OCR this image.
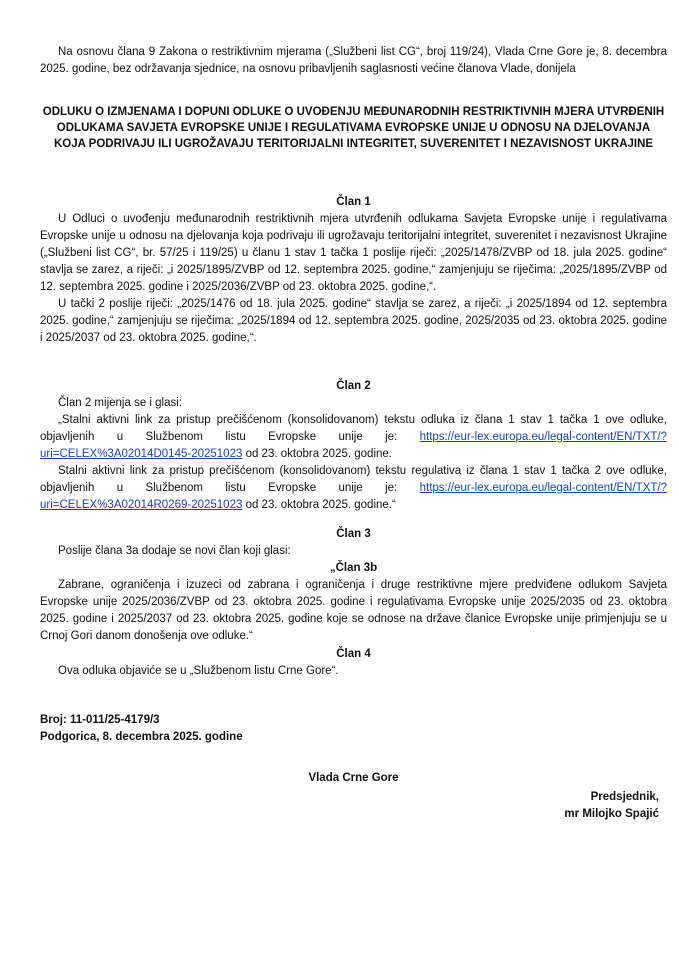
Na osnovu člana 9 Zakona o restriktivnim mjerama („Službeni list CG“, broj 119/24), Vlada Crne Gore je, 8. decembra 2025. godine, bez održavanja sjednice, na osnovu pribavljenih saglasnosti većine članova Vlade, donijela

ODLUKU O IZMJENAMA I DOPUNI ODLUKE O UVOĐENJU MEĐUNARODNIH RESTRIKTIVNIH MJERA UTVRĐENIH ODLUKAMA SAVJETA EVROPSKE UNIJE I REGULATIVAMA EVROPSKE UNIJE U ODNOSU NA DJELOVANJA KOJA PODRIVAJU ILI UGROŽAVAJU TERITORIJALNI INTEGRITET, SUVERENITET I NEZAVISNOST UKRAJINE

Član 1

U Odluci o uvođenju međunarodnih restriktivnih mjera utvrđenih odlukama Savjeta Evropske unije i regulativama Evropske unije u odnosu na djelovanja koja podrivaju ili ugrožavaju teritorijalni integritet, suverenitet i nezavisnost Ukrajine („Službeni list CG“, br. 57/25 i 119/25) u članu 1 stav 1 tačka 1 poslije riječi: „2025/1478/ZVBP od 18. jula 2025. godine“ stavlja se zarez, a riječi: „i 2025/1895/ZVBP od 12. septembra 2025. godine,“ zamjenjuju se riječima: „2025/1895/ZVBP od 12. septembra 2025. godine i 2025/2036/ZVBP od 23. oktobra 2025. godine,“.

U tački 2 poslije riječi: „2025/1476 od 18. jula 2025. godine“ stavlja se zarez, a riječi: „i 2025/1894 od 12. septembra 2025. godine,“ zamjenjuju se riječima: „2025/1894 od 12. septembra 2025. godine, 2025/2035 od 23. oktobra 2025. godine i 2025/2037 od 23. oktobra 2025. godine,“.

Član 2

Član 2 mijenja se i glasi:

„Stalni aktivni link za pristup prečišćenom (konsolidovanom) tekstu odluka iz člana 1 stav 1 tačka 1 ove odluke, objavljenih u Službenom listu Evropske unije je: https://eur-lex.europa.eu/legal-content/EN/TXT/?uri=CELEX%3A02014D0145-20251023 od 23. oktobra 2025. godine.

Stalni aktivni link za pristup prečišćenom (konsolidovanom) tekstu regulativa iz člana 1 stav 1 tačka 2 ove odluke, objavljenih u Službenom listu Evropske unije je: https://eur-lex.europa.eu/legal-content/EN/TXT/?uri=CELEX%3A02014R0269-20251023 od 23. oktobra 2025. godine.“

Član 3

Poslije člana 3a dodaje se novi član koji glasi:

„Član 3b

Zabrane, ograničenja i izuzeci od zabrana i ograničenja i druge restriktivne mjere predviđene odlukom Savjeta Evropske unije 2025/2036/ZVBP od 23. oktobra 2025. godine i regulativama Evropske unije 2025/2035 od 23. oktobra 2025. godine i 2025/2037 od 23. oktobra 2025. godine koje se odnose na države članice Evropske unije primjenjuju se u Crnoj Gori danom donošenja ove odluke.“

Član 4

Ova odluka objaviće se u „Službenom listu Crne Gore“.

Broj: 11-011/25-4179/3

Podgorica, 8. decembra 2025. godine

Vlada Crne Gore

Predsjednik,
mr Milojko Spajić
